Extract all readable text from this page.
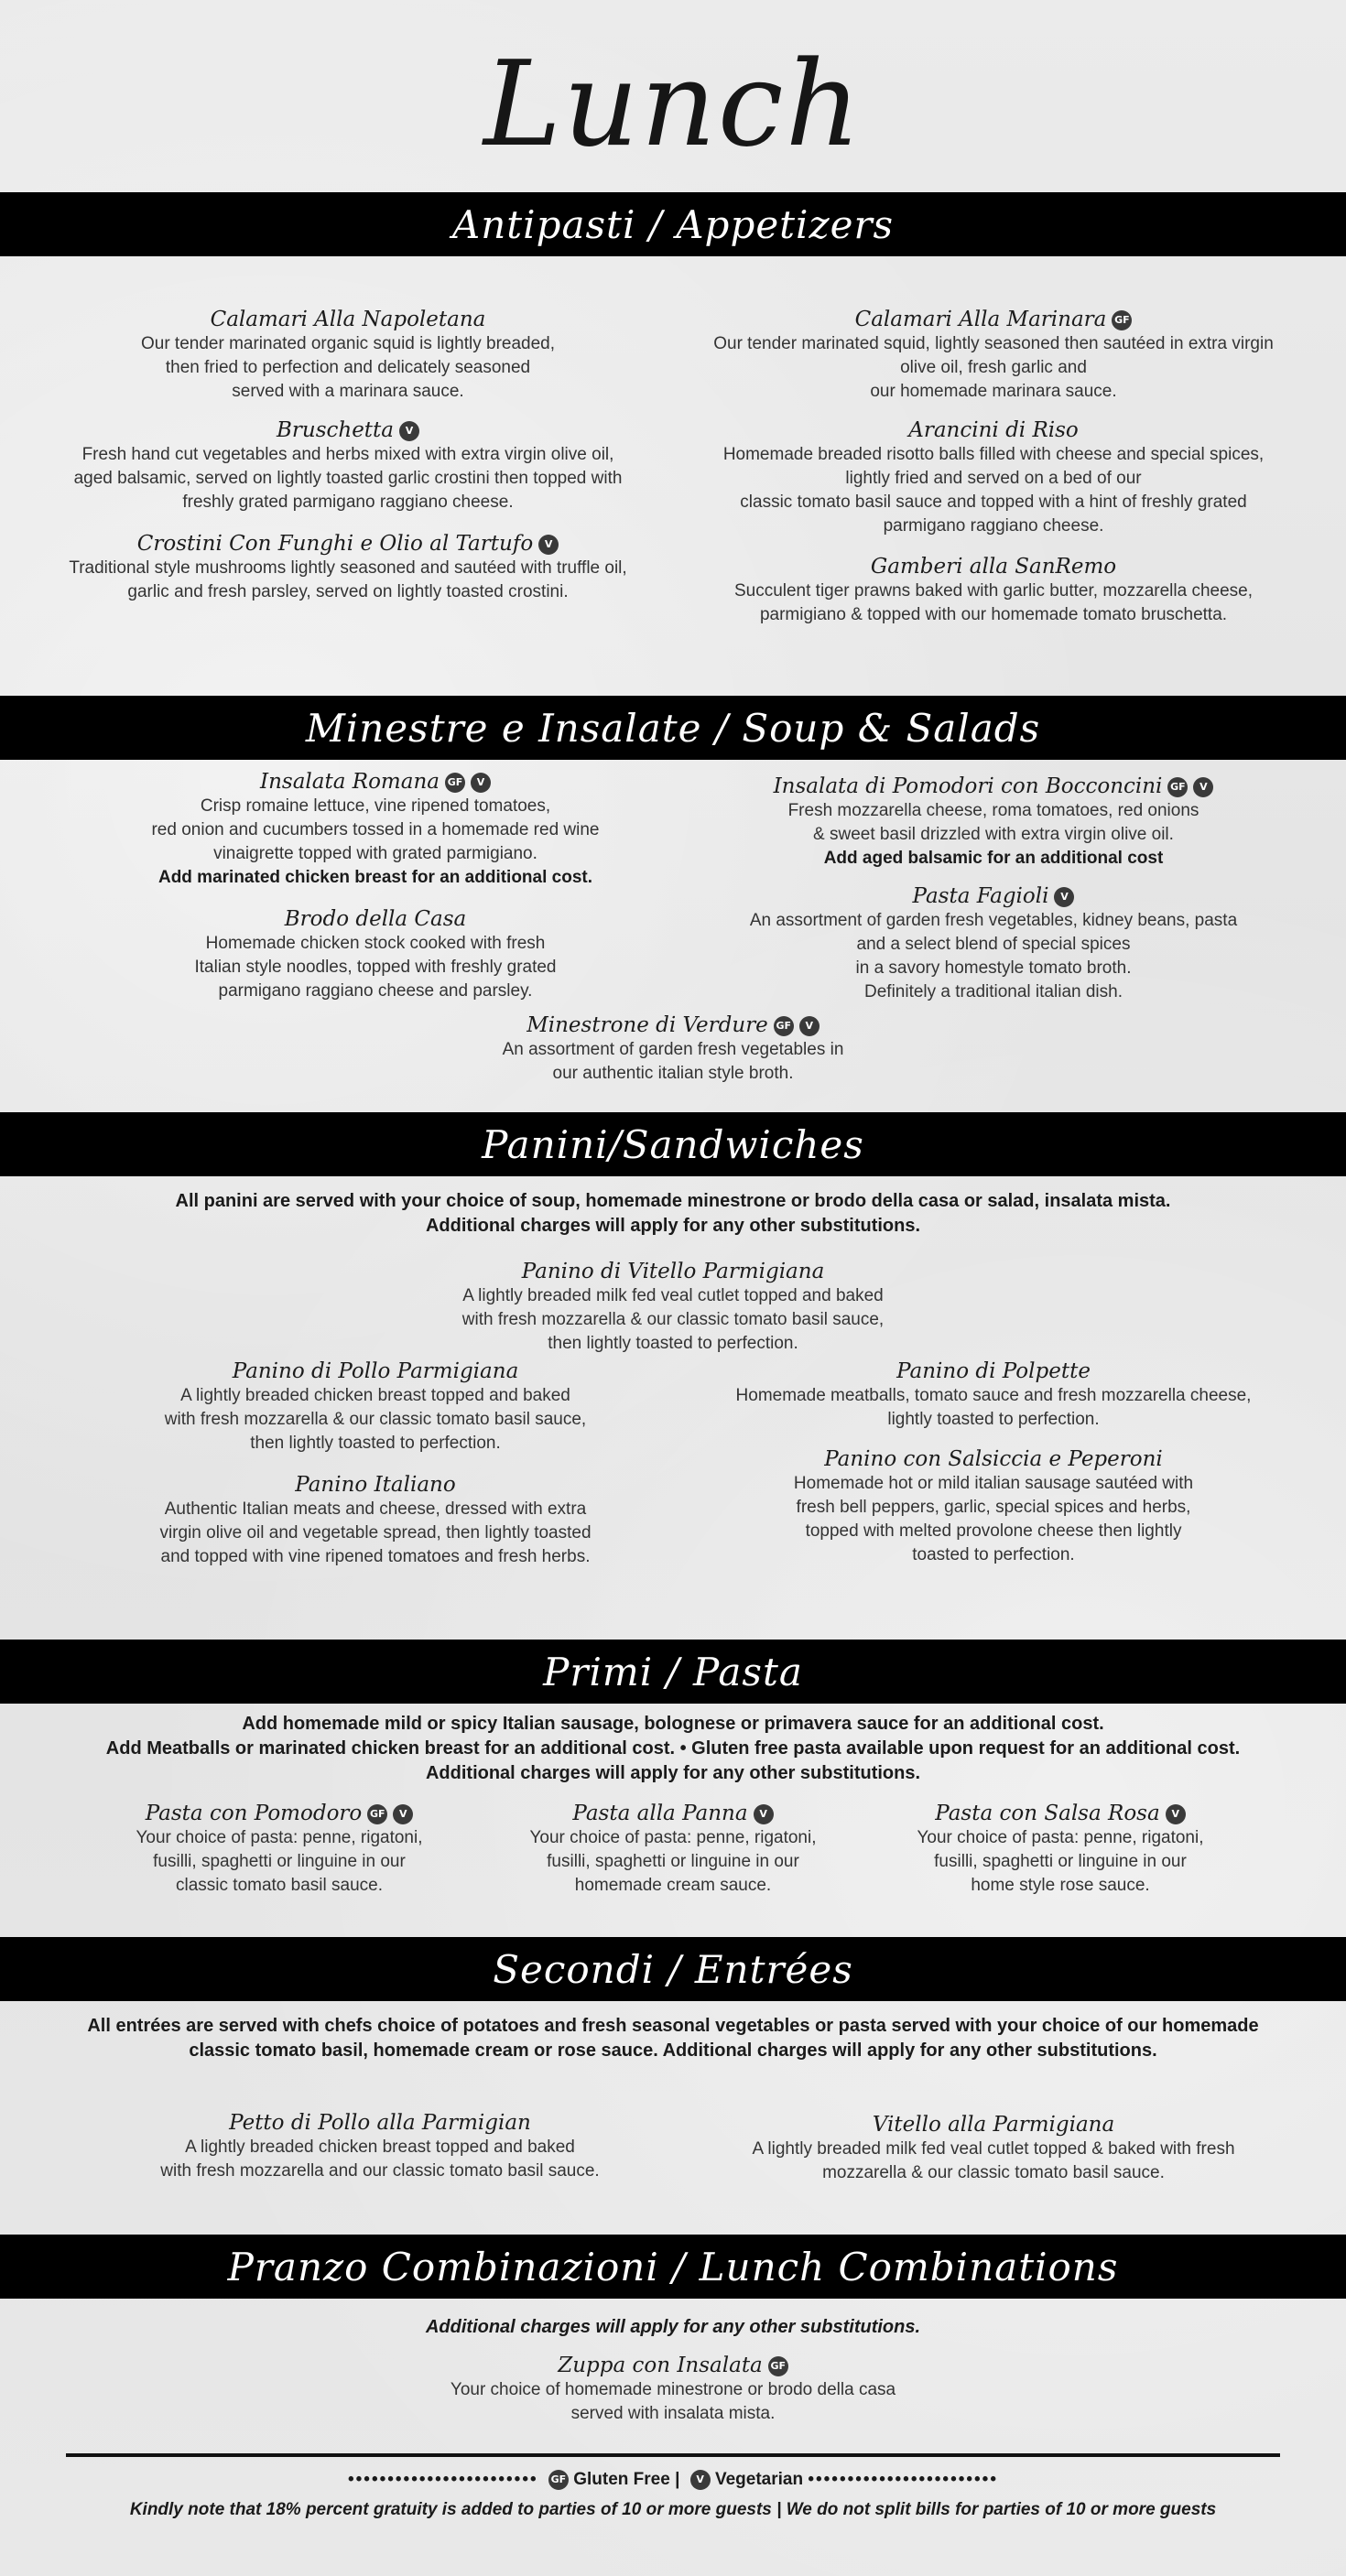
Lunch
Antipasti / Appetizers
Calamari Alla Napoletana

Our tender marinated organic squid is lightly breaded,

then fried to perfection and delicately seasoned

served with a marinara sauce.

Calamari Alla Marinara GF

Our tender marinated squid, lightly seasoned then sautéed in extra virgin

olive oil, fresh garlic and

our homemade marinara sauce.

Bruschetta V

Fresh hand cut vegetables and herbs mixed with extra virgin olive oil,

aged balsamic, served on lightly toasted garlic crostini then topped with

freshly grated parmigano raggiano cheese.

Arancini di Riso

Homemade breaded risotto balls filled with cheese and special spices,

lightly fried and served on a bed of our

classic tomato basil sauce and topped with a hint of freshly grated

parmigano raggiano cheese.

Crostini Con Funghi e Olio al Tartufo V

Traditional style mushrooms lightly seasoned and sautéed with truffle oil,

garlic and fresh parsley, served on lightly toasted crostini.

Gamberi alla SanRemo

Succulent tiger prawns baked with garlic butter, mozzarella cheese,

parmigiano & topped with our homemade tomato bruschetta.

Minestre e Insalate / Soup & Salads
Insalata Romana GF V

Crisp romaine lettuce, vine ripened tomatoes,

red onion and cucumbers tossed in a homemade red wine

vinaigrette topped with grated parmigiano.

Add marinated chicken breast for an additional cost.

Insalata di Pomodori con Bocconcini GF V

Fresh mozzarella cheese, roma tomatoes, red onions

& sweet basil drizzled with extra virgin olive oil.

Add aged balsamic for an additional cost

Brodo della Casa

Homemade chicken stock cooked with fresh

Italian style noodles, topped with freshly grated

parmigano raggiano cheese and parsley.

Pasta Fagioli V

An assortment of garden fresh vegetables, kidney beans, pasta

and a select blend of special spices

in a savory homestyle tomato broth.

Definitely a traditional italian dish.

Minestrone di Verdure GF V

An assortment of garden fresh vegetables in

our authentic italian style broth.

Panini/Sandwiches

All panini are served with your choice of soup, homemade minestrone or brodo della casa or salad, insalata mista.

Additional charges will apply for any other substitutions.

Panino di Vitello Parmigiana

A lightly breaded milk fed veal cutlet topped and baked

with fresh mozzarella & our classic tomato basil sauce,

then lightly toasted to perfection.

Panino di Pollo Parmigiana

A lightly breaded chicken breast topped and baked

with fresh mozzarella & our classic tomato basil sauce,

then lightly toasted to perfection.

Panino di Polpette

Homemade meatballs, tomato sauce and fresh mozzarella cheese,

lightly toasted to perfection.

Panino Italiano

Authentic Italian meats and cheese, dressed with extra

virgin olive oil and vegetable spread, then lightly toasted

and topped with vine ripened tomatoes and fresh herbs.

Panino con Salsiccia e Peperoni

Homemade hot or mild italian sausage sautéed with

fresh bell peppers, garlic, special spices and herbs,

topped with melted provolone cheese then lightly

toasted to perfection.

Primi / Pasta

Add homemade mild or spicy Italian sausage, bolognese or primavera sauce for an additional cost.

Add Meatballs or marinated chicken breast for an additional cost. • Gluten free pasta available upon request for an additional cost.

Additional charges will apply for any other substitutions.

Pasta con Pomodoro GF V

Your choice of pasta: penne, rigatoni,

fusilli, spaghetti or linguine in our

classic tomato basil sauce.

Pasta alla Panna V

Your choice of pasta: penne, rigatoni,

fusilli, spaghetti or linguine in our

homemade cream sauce.

Pasta con Salsa Rosa V

Your choice of pasta: penne, rigatoni,

fusilli, spaghetti or linguine in our

home style rose sauce.

Secondi / Entrées

All entrées are served with chefs choice of potatoes and fresh seasonal vegetables or pasta served with your choice of our homemade

classic tomato basil, homemade cream or rose sauce. Additional charges will apply for any other substitutions.

Petto di Pollo alla Parmigian

A lightly breaded chicken breast topped and baked

with fresh mozzarella and our classic tomato basil sauce.

Vitello alla Parmigiana

A lightly breaded milk fed veal cutlet topped & baked with fresh

mozzarella & our classic tomato basil sauce.

Pranzo Combinazioni / Lunch Combinations
Additional charges will apply for any other substitutions.
Zuppa con Insalata GF

Your choice of homemade minestrone or brodo della casa

served with insalata mista.

•••••••••••••••••••••••• GF Gluten Free | V Vegetarian ••••••••••••••••••••••••
Kindly note that 18% percent gratuity is added to parties of 10 or more guests | We do not split bills for parties of 10 or more guests
